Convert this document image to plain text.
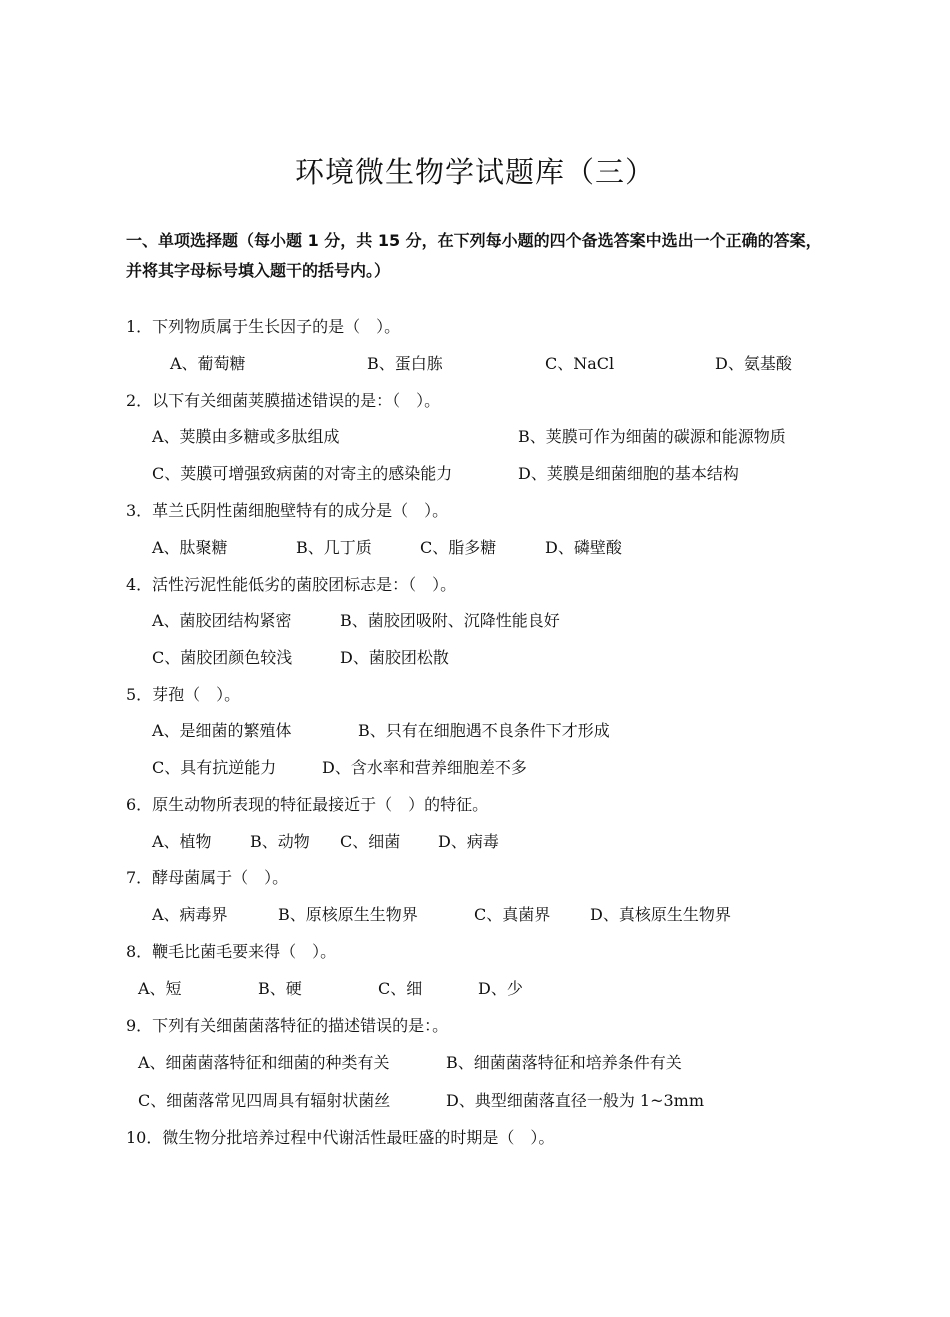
环境微生物学试题库（三）

一、单项选择题（每小题 1 分，共 15 分，在下列每小题的四个备选答案中选出一个正确的答案，并将其字母标号填入题干的括号内。）

1．下列物质属于生长因子的是（　）。
A、葡萄糖	B、蛋白胨	C、NaCl	D、氨基酸
2．以下有关细菌荚膜描述错误的是：（　）。
A、荚膜由多糖或多肽组成	B、荚膜可作为细菌的碳源和能源物质
C、荚膜可增强致病菌的对寄主的感染能力	D、荚膜是细菌细胞的基本结构
3．革兰氏阴性菌细胞壁特有的成分是（　）。
A、肽聚糖	B、几丁质	C、脂多糖	D、磷壁酸
4．活性污泥性能低劣的菌胶团标志是：（　）。
A、菌胶团结构紧密	B、菌胶团吸附、沉降性能良好
C、菌胶团颜色较浅	D、菌胶团松散
5．芽孢（　）。
A、是细菌的繁殖体	B、只有在细胞遇不良条件下才形成
C、具有抗逆能力	D、含水率和营养细胞差不多
6．原生动物所表现的特征最接近于（　）的特征。
A、植物 B、动物 C、细菌 D、病毒
7．酵母菌属于（　）。
A、病毒界	B、原核原生生物界	C、真菌界 D、真核原生生物界
8．鞭毛比菌毛要来得（　）。
A、短	B、硬	C、细	D、少
9．下列有关细菌菌落特征的描述错误的是：。
A、细菌菌落特征和细菌的种类有关	B、细菌菌落特征和培养条件有关
C、细菌落常见四周具有辐射状菌丝	D、典型细菌落直径一般为 1~3mm
10．微生物分批培养过程中代谢活性最旺盛的时期是（　）。
